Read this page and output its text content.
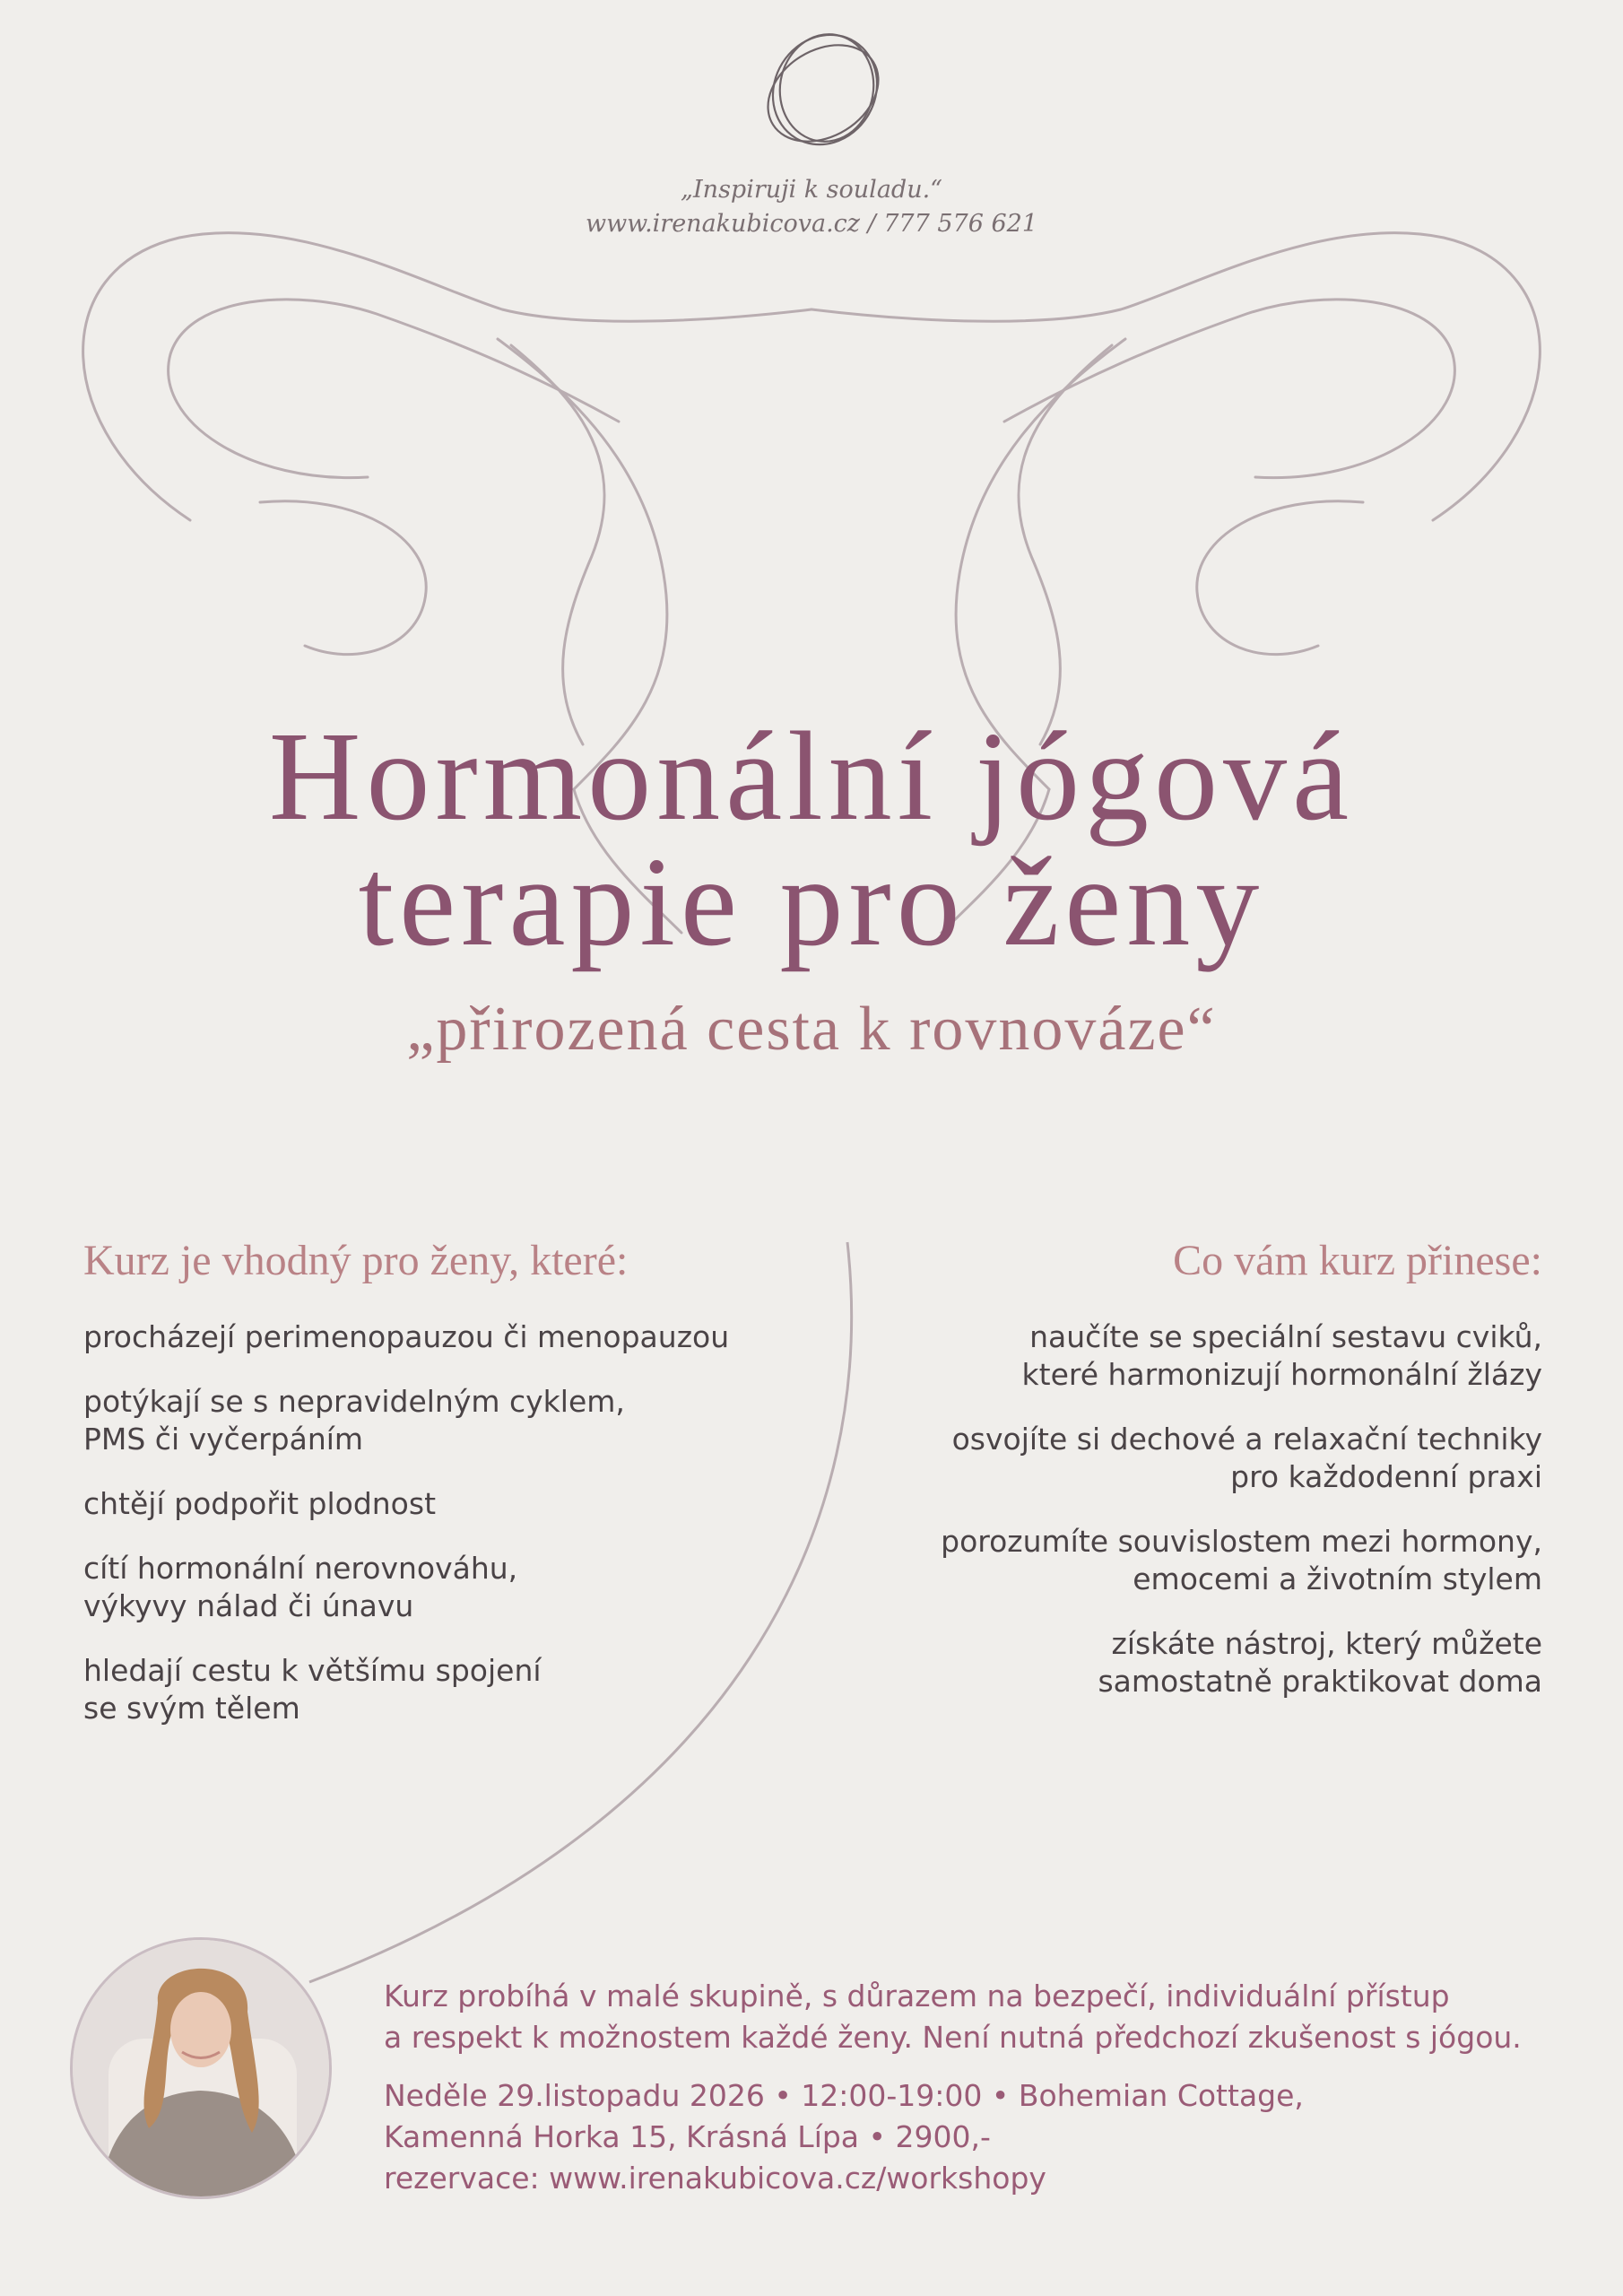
„Inspiruji k souladu.“
www.irenakubicova.cz / 777 576 621
Hormonální jógová
terapie pro ženy
„přirozená cesta k rovnováze“
Kurz je vhodný pro ženy, které:	Co vám kurz přinese:
procházejí perimenopauzou či menopauzou
potýkají se s nepravidelným cyklem,
PMS či vyčerpáním
chtějí podpořit plodnost
cítí hormonální nerovnováhu,
výkyvy nálad či únavu
hledají cestu k většímu spojení
se svým tělem
naučíte se speciální sestavu cviků,
které harmonizují hormonální žlázy
osvojíte si dechové a relaxační techniky
pro každodenní praxi
porozumíte souvislostem mezi hormony,
emocemi a životním stylem
získáte nástroj, který můžete
samostatně praktikovat doma
Kurz probíhá v malé skupině, s důrazem na bezpečí, individuální přístup
a respekt k možnostem každé ženy. Není nutná předchozí zkušenost s jógou.
Neděle 29.listopadu 2026 • 12:00-19:00 • Bohemian Cottage,
Kamenná Horka 15, Krásná Lípa • 2900,-
rezervace: www.irenakubicova.cz/workshopy
